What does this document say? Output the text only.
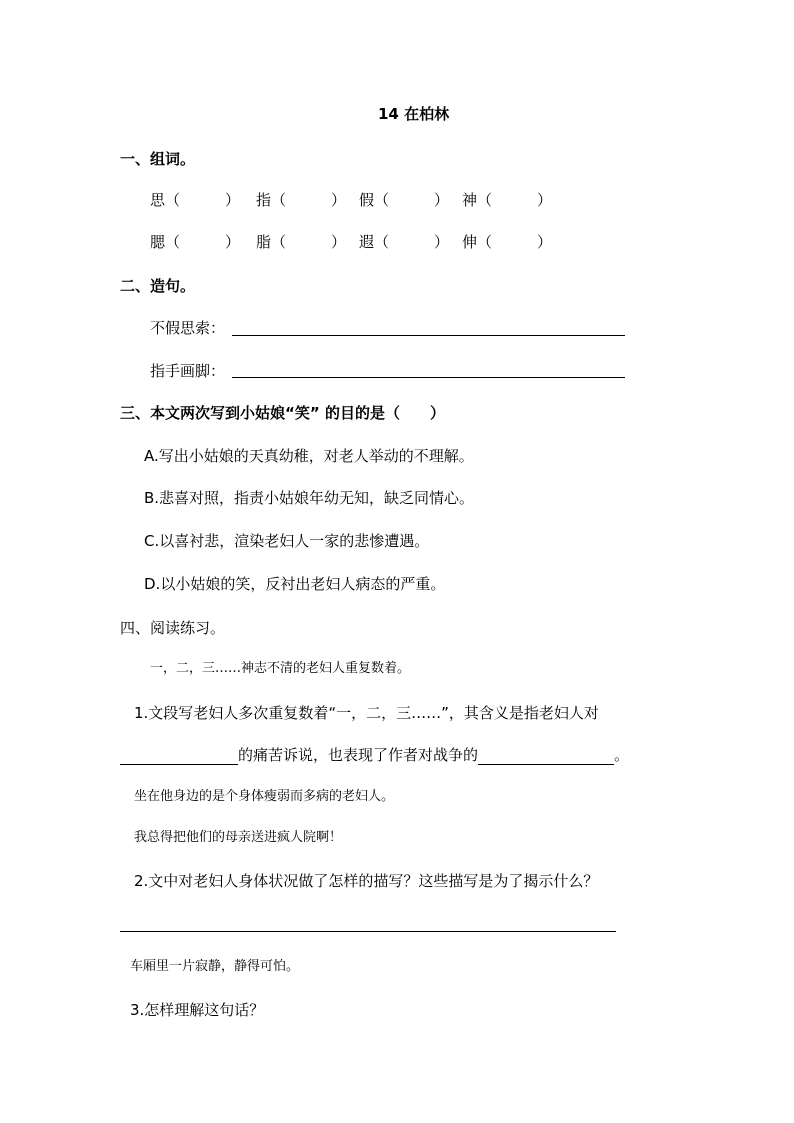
14 在柏林
一、组词。
思（　　　） 指（　　　） 假（　　　） 神（　　　）
腮（　　　） 脂（　　　） 遐（　　　） 伸（　　　）
二、造句。
不假思索：
指手画脚：
三、本文两次写到小姑娘“笑” 的目的是（　　）
A.写出小姑娘的天真幼稚，对老人举动的不理解。
B.悲喜对照，指责小姑娘年幼无知，缺乏同情心。
C.以喜衬悲，渲染老妇人一家的悲惨遭遇。
D.以小姑娘的笑，反衬出老妇人病态的严重。
四、阅读练习。
一，二，三……神志不清的老妇人重复数着。
1.文段写老妇人多次重复数着“一，二，三……”，其含义是指老妇人对
的痛苦诉说，也表现了作者对战争的	。
坐在他身边的是个身体瘦弱而多病的老妇人。
我总得把他们的母亲送进疯人院啊！
2.文中对老妇人身体状况做了怎样的描写？这些描写是为了揭示什么？
车厢里一片寂静，静得可怕。
3.怎样理解这句话？
